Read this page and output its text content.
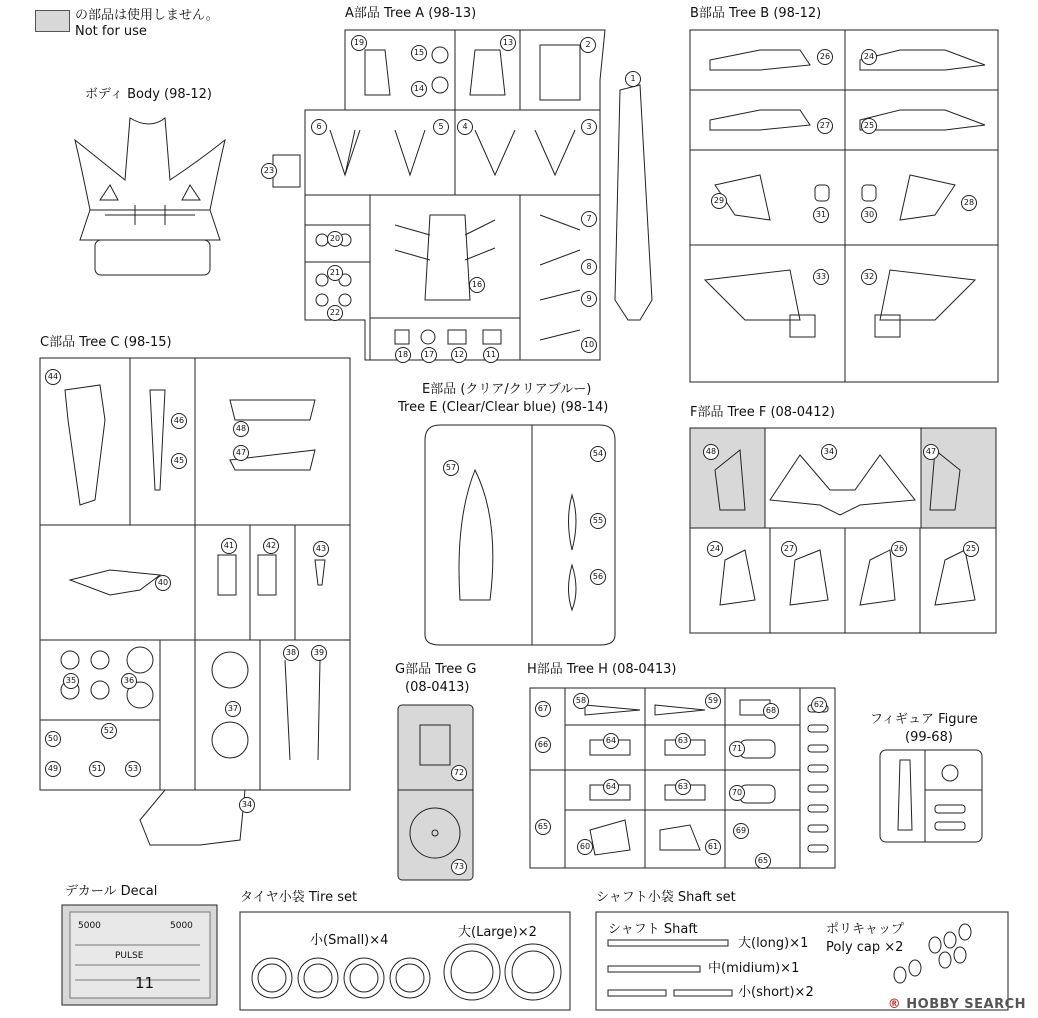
の部品は使用しません。
Not for use
ボディ Body (98-12)
A部品 Tree A (98-13)	B部品 Tree B (98-12)
C部品 Tree C (98-15)
E部品 (クリア/クリアブルー)
Tree E (Clear/Clear blue) (98-14)	F部品 Tree F (08-0412)
G部品 Tree G
(08-0413)
H部品 Tree H (08-0413)
フィギュア Figure
(99-68)
デカール Decal
5000	5000
PULSE
11
タイヤ小袋 Tire set
小(Small)×4
大(Large)×2
シャフト小袋 Shaft set
シャフト Shaft
大(long)×1
中(midium)×1
小(short)×2
ポリキャップ
Poly cap ×2
® HOBBY SEARCH
19
15
14
13	2
1
6	5	4	3
23
20
21
22
16
7
8
9
10
18	17	12	11
26	24
27	25
29
31	30
28
33	32
44
46
45
48
47
40
41	42	43
35	36
37
38	39
50
49
52
51	53
34
57
54
55
56
48	34	47
24	27	26	25
72
73
67
66
58	59
68
62
64	63
71
65
64	63
70
60	61
69
65
